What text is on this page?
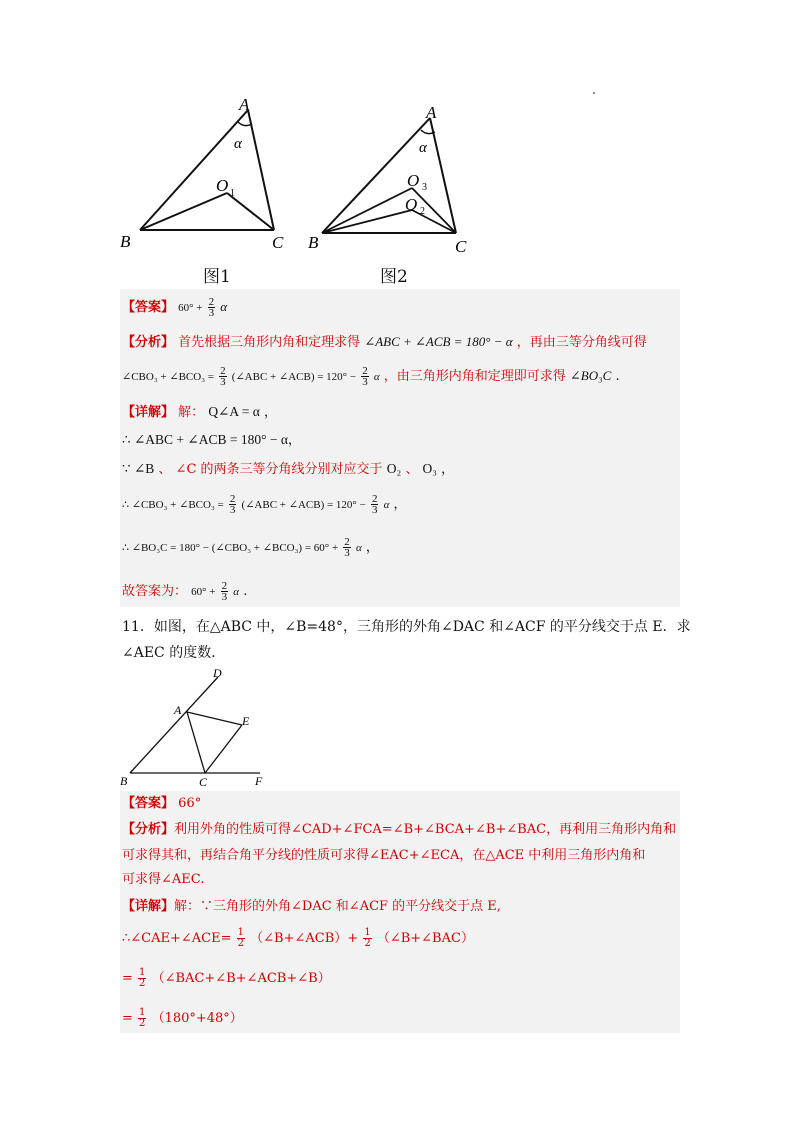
A
α
O 1
B	C
图1
A
α
O 3
O 2
B	C
图2
【答案】 $60^\circ + \frac{2}{3}$ α
【分析】 首先根据三角形内角和定理求得 ∠ABC + ∠ACB = 180° − α ，再由三等分角线可得
∠CBO₃ + ∠BCO₃ = $\frac{2}{3}$ (∠ABC + ∠ACB) = $120^\circ - \frac{2}{3}$ α ，由三角形内角和定理即可求得 ∠BO₃C .
【详解】 解： Q∠A = α ，
∴ ∠ABC + ∠ACB = 180° − α，
∵ ∠B 、 ∠C 的两条三等分角线分别对应交于 O₂ 、 O₃ ，
∴ ∠CBO₃ + ∠BCO₃ = $\frac{2}{3}$ (∠ABC + ∠ACB) = $120^\circ - \frac{2}{3}$ α ，
∴ ∠BO₃C = 180° − (∠CBO₃ + ∠BCO₃) = $60^\circ + \frac{2}{3}$ α ，
故答案为： $60^\circ + \frac{2}{3}$ α .
11．如图，在△ABC 中，∠B=48°，三角形的外角∠DAC 和∠ACF 的平分线交于点 E．求
∠AEC 的度数．
D
A
E
B	C	F
【答案】 66°
【分析】利用外角的性质可得∠CAD+∠FCA=∠B+∠BCA+∠B+∠BAC，再利用三角形内角和
可求得其和，再结合角平分线的性质可求得∠EAC+∠ECA，在△ACE 中利用三角形内角和
可求得∠AEC.
【详解】解：∵三角形的外角∠DAC 和∠ACF 的平分线交于点 E,
∴∠CAE+∠ACE= $\frac{1}{2}$ （∠B+∠ACB）+ $\frac{1}{2}$ （∠B+∠BAC）
= $\frac{1}{2}$ （∠BAC+∠B+∠ACB+∠B）
= $\frac{1}{2} (180^\circ+48^\circ)$
